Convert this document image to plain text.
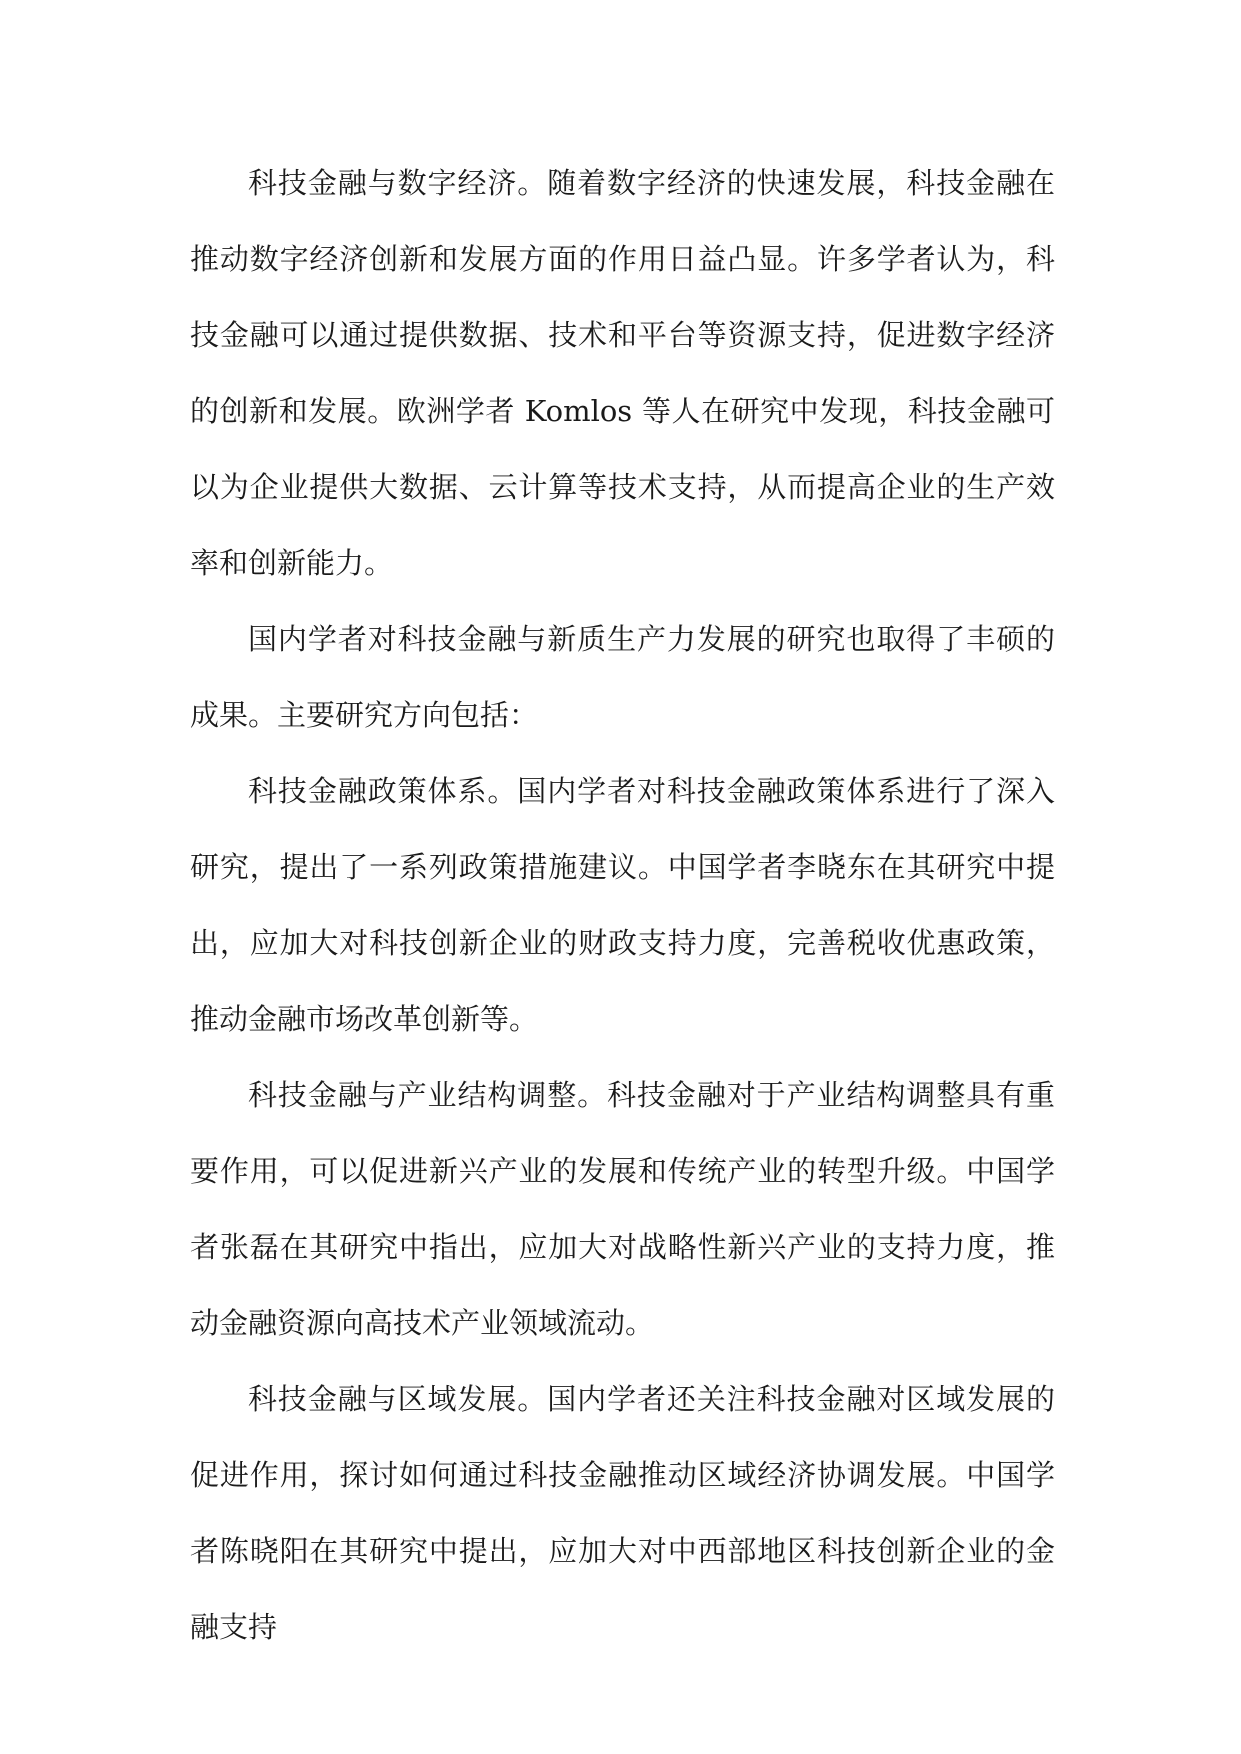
科技金融与数字经济。随着数字经济的快速发展，科技金融在推动数字经济创新和发展方面的作用日益凸显。许多学者认为，科技金融可以通过提供数据、技术和平台等资源支持，促进数字经济的创新和发展。欧洲学者 Komlos 等人在研究中发现，科技金融可以为企业提供大数据、云计算等技术支持，从而提高企业的生产效率和创新能力。

国内学者对科技金融与新质生产力发展的研究也取得了丰硕的成果。主要研究方向包括：

科技金融政策体系。国内学者对科技金融政策体系进行了深入研究，提出了一系列政策措施建议。中国学者李晓东在其研究中提出，应加大对科技创新企业的财政支持力度，完善税收优惠政策，推动金融市场改革创新等。

科技金融与产业结构调整。科技金融对于产业结构调整具有重要作用，可以促进新兴产业的发展和传统产业的转型升级。中国学者张磊在其研究中指出，应加大对战略性新兴产业的支持力度，推动金融资源向高技术产业领域流动。

科技金融与区域发展。国内学者还关注科技金融对区域发展的促进作用，探讨如何通过科技金融推动区域经济协调发展。中国学者陈晓阳在其研究中提出，应加大对中西部地区科技创新企业的金融支持
